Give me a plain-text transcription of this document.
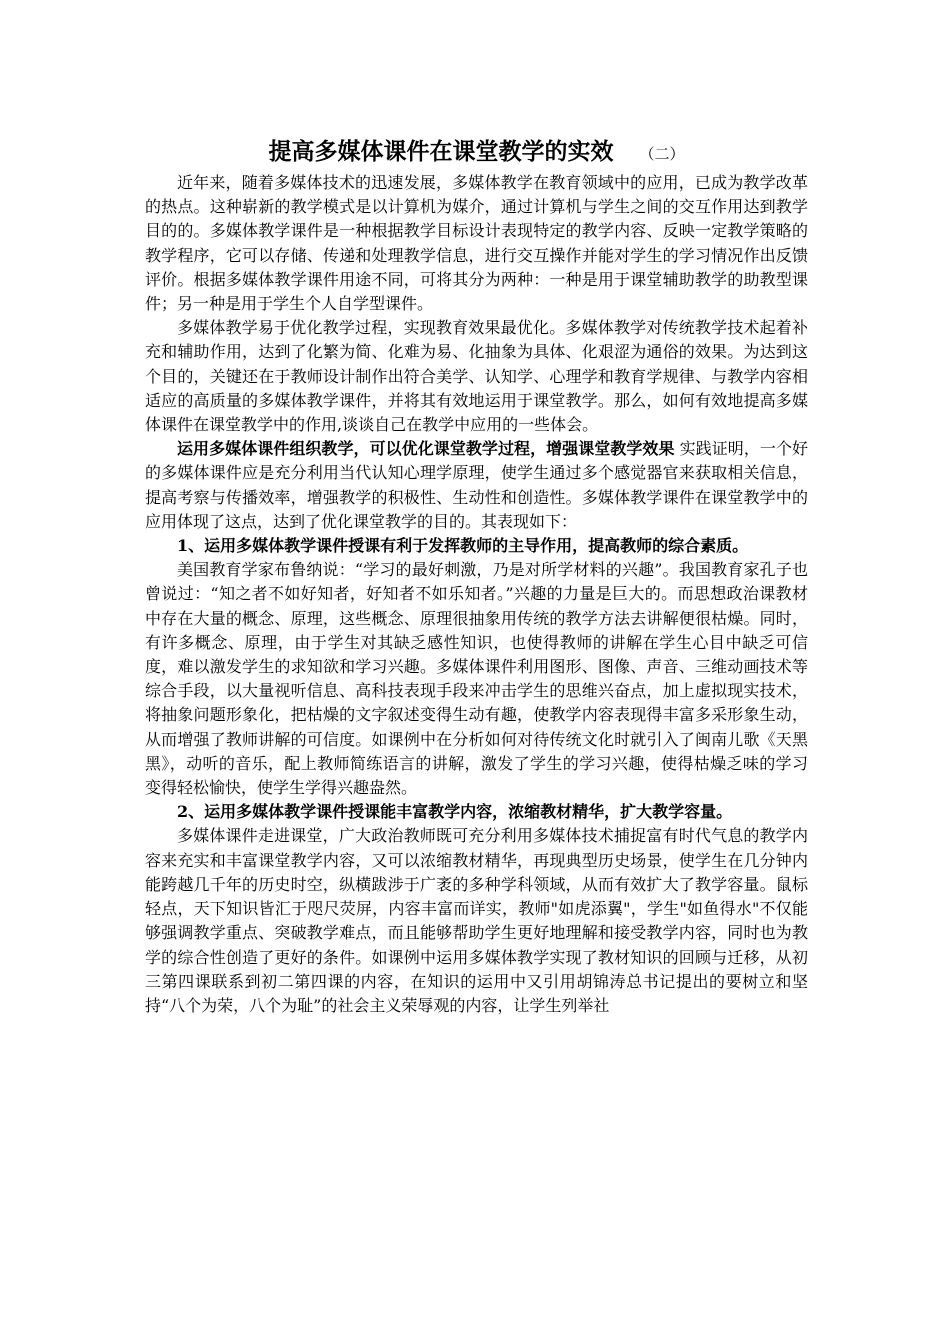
提高多媒体课件在课堂教学的实效 （二）

近年来，随着多媒体技术的迅速发展，多媒体教学在教育领域中的应用，已成为教学改革的热点。这种崭新的教学模式是以计算机为媒介，通过计算机与学生之间的交互作用达到教学目的的。多媒体教学课件是一种根据教学目标设计表现特定的教学内容、反映一定教学策略的教学程序，它可以存储、传递和处理教学信息，进行交互操作并能对学生的学习情况作出反馈评价。根据多媒体教学课件用途不同，可将其分为两种：一种是用于课堂辅助教学的助教型课件；另一种是用于学生个人自学型课件。

多媒体教学易于优化教学过程，实现教育效果最优化。多媒体教学对传统教学技术起着补充和辅助作用，达到了化繁为简、化难为易、化抽象为具体、化艰涩为通俗的效果。为达到这个目的，关键还在于教师设计制作出符合美学、认知学、心理学和教育学规律、与教学内容相适应的高质量的多媒体教学课件，并将其有效地运用于课堂教学。那么，如何有效地提高多媒体课件在课堂教学中的作用,谈谈自己在教学中应用的一些体会。

运用多媒体课件组织教学，可以优化课堂教学过程，增强课堂教学效果 实践证明，一个好的多媒体课件应是充分利用当代认知心理学原理，使学生通过多个感觉器官来获取相关信息，提高考察与传播效率，增强教学的积极性、生动性和创造性。多媒体教学课件在课堂教学中的应用体现了这点，达到了优化课堂教学的目的。其表现如下：

1、运用多媒体教学课件授课有利于发挥教师的主导作用，提高教师的综合素质。

美国教育学家布鲁纳说：“学习的最好刺激，乃是对所学材料的兴趣”。我国教育家孔子也曾说过：“知之者不如好知者，好知者不如乐知者。”兴趣的力量是巨大的。而思想政治课教材中存在大量的概念、原理，这些概念、原理很抽象用传统的教学方法去讲解便很枯燥。同时，有许多概念、原理，由于学生对其缺乏感性知识，也使得教师的讲解在学生心目中缺乏可信度，难以激发学生的求知欲和学习兴趣。多媒体课件利用图形、图像、声音、三维动画技术等综合手段，以大量视听信息、高科技表现手段来冲击学生的思维兴奋点，加上虚拟现实技术，将抽象问题形象化，把枯燥的文字叙述变得生动有趣，使教学内容表现得丰富多采形象生动，从而增强了教师讲解的可信度。如课例中在分析如何对待传统文化时就引入了闽南儿歌《天黑黑》，动听的音乐，配上教师简练语言的讲解，激发了学生的学习兴趣，使得枯燥乏味的学习变得轻松愉快，使学生学得兴趣盎然。

2、运用多媒体教学课件授课能丰富教学内容，浓缩教材精华，扩大教学容量。

多媒体课件走进课堂，广大政治教师既可充分利用多媒体技术捕捉富有时代气息的教学内容来充实和丰富课堂教学内容，又可以浓缩教材精华，再现典型历史场景，使学生在几分钟内能跨越几千年的历史时空，纵横跋涉于广袤的多种学科领域，从而有效扩大了教学容量。鼠标轻点，天下知识皆汇于咫尺荧屏，内容丰富而详实，教师"如虎添翼"，学生"如鱼得水"不仅能够强调教学重点、突破教学难点，而且能够帮助学生更好地理解和接受教学内容，同时也为教学的综合性创造了更好的条件。如课例中运用多媒体教学实现了教材知识的回顾与迁移，从初三第四课联系到初二第四课的内容，在知识的运用中又引用胡锦涛总书记提出的要树立和坚持“八个为荣，八个为耻”的社会主义荣辱观的内容，让学生列举社
